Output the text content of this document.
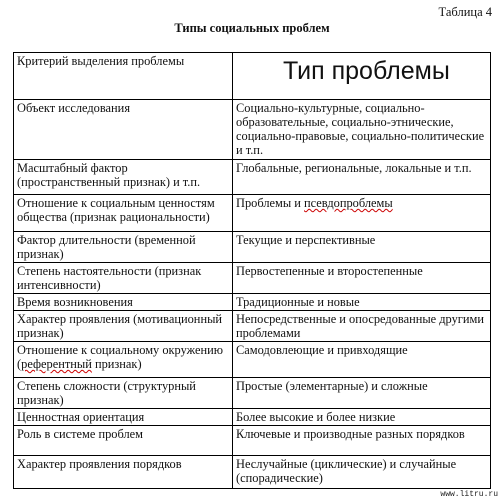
Таблица 4
Типы социальных проблем
Критерий выделения проблемы	Тип проблемы
Объект исследования	Социально-культурные, социально-образовательные, социально-этнические, социально-правовые, социально-политические и т.п.
Масштабный фактор (пространственный признак) и т.п.	Глобальные, региональные, локальные и т.п.
Отношение к социальным ценностям общества (признак рациональности)	Проблемы и псевдопроблемы
Фактор длительности (временной признак)	Текущие и перспективные
Степень настоятельности (признак интенсивности)	Первостепенные и второстепенные
Время возникновения	Традиционные и новые
Характер проявления (мотивационный признак)	Непосредственные и опосредованные другими проблемами
Отношение к социальному окружению (референтный признак)	Самодовлеющие и привходящие
Степень сложности (структурный признак)	Простые (элементарные) и сложные
Ценностная ориентация	Более высокие и более низкие
Роль в системе проблем	Ключевые и производные разных порядков
Характер проявления порядков	Неслучайные (циклические) и случайные (спорадические)
www.litru.ru
